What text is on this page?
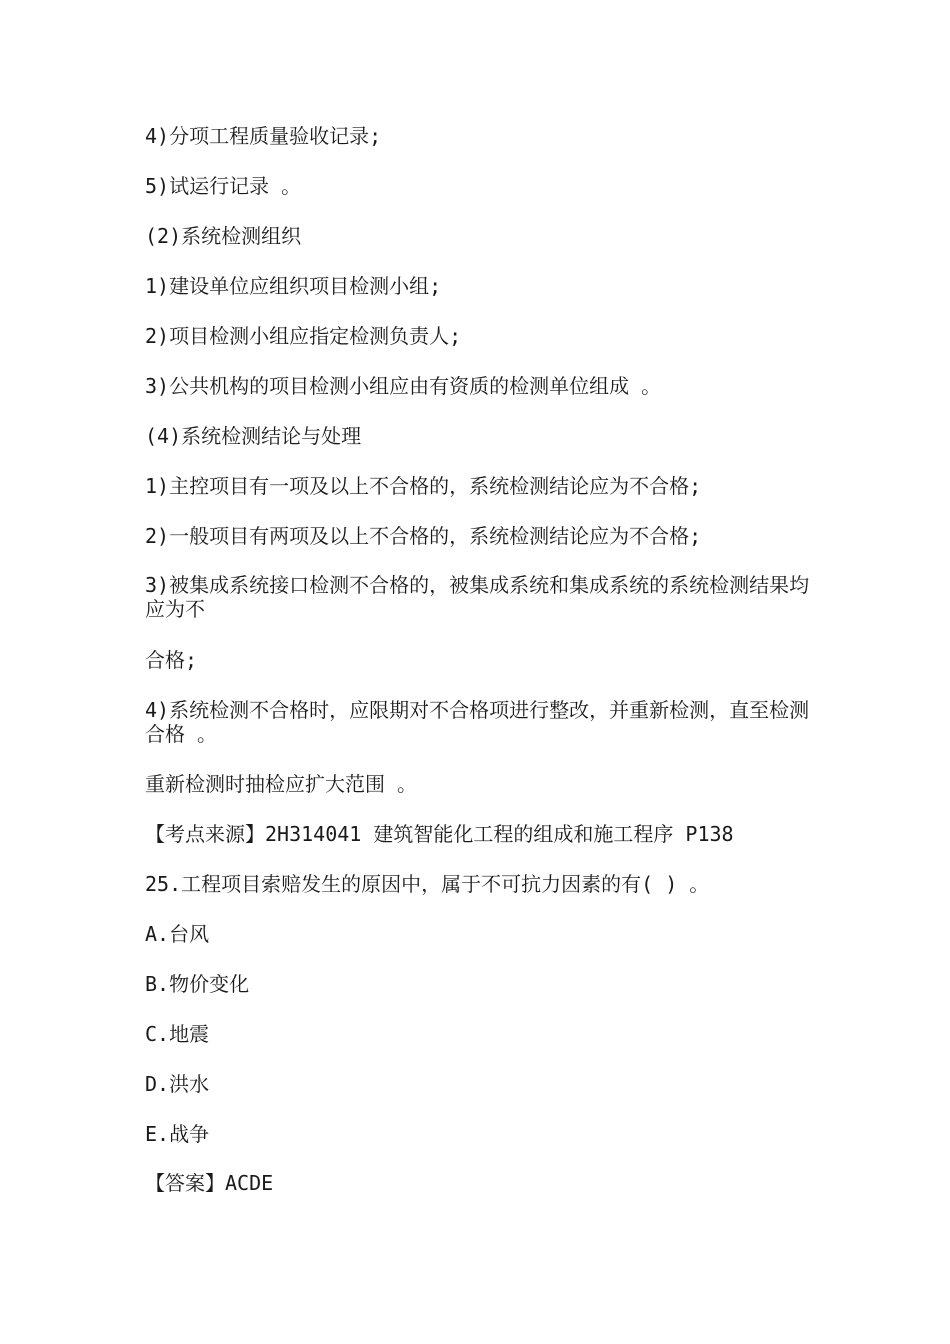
4)分项工程质量验收记录;
5)试运行记录 。
(2)系统检测组织
1)建设单位应组织项目检测小组;
2)项目检测小组应指定检测负责人;
3)公共机构的项目检测小组应由有资质的检测单位组成 。
(4)系统检测结论与处理
1)主控项目有一项及以上不合格的，系统检测结论应为不合格;
2)一般项目有两项及以上不合格的，系统检测结论应为不合格;
3)被集成系统接口检测不合格的，被集成系统和集成系统的系统检测结果均应为不
合格;
4)系统检测不合格时，应限期对不合格项进行整改，并重新检测，直至检测合格 。
重新检测时抽检应扩大范围 。
【考点来源】2H314041 建筑智能化工程的组成和施工程序 P138
25.工程项目索赔发生的原因中，属于不可抗力因素的有( ) 。
A.台风
B.物价变化
C.地震
D.洪水
E.战争
【答案】ACDE
